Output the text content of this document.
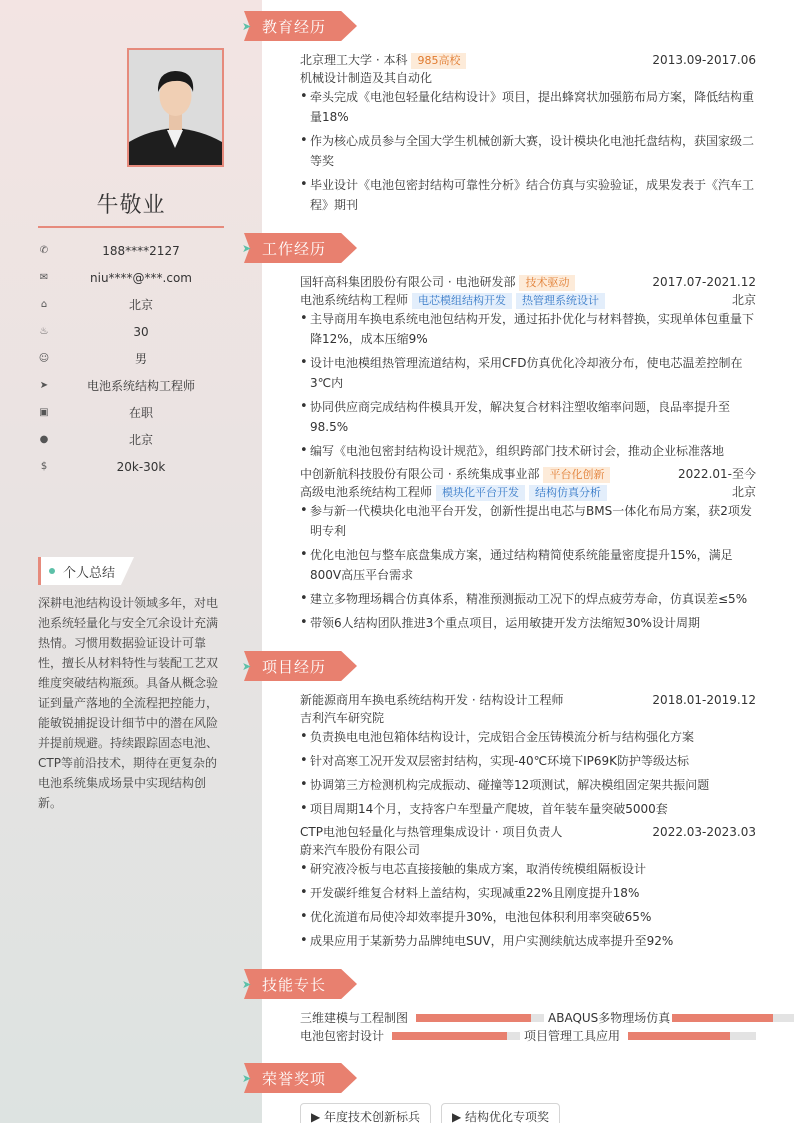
牛敬业
✆	188****2127
✉	niu****@***.com
⌂	北京
♨	30
☺	男
➤	电池系统结构工程师
▣	在职
●	北京
$	20k-30k
个人总结
深耕电池结构设计领域多年，对电池系统轻量化与安全冗余设计充满热情。习惯用数据验证设计可靠性，擅长从材料特性与装配工艺双维度突破结构瓶颈。具备从概念验证到量产落地的全流程把控能力，能敏锐捕捉设计细节中的潜在风险并提前规避。持续跟踪固态电池、CTP等前沿技术，期待在更复杂的电池系统集成场景中实现结构创新。
➤ 教育经历
北京理工大学 · 本科 985高校	2013.09-2017.06
机械设计制造及其自动化
• 牵头完成《电池包轻量化结构设计》项目，提出蜂窝状加强筋布局方案，降低结构重量18%
• 作为核心成员参与全国大学生机械创新大赛，设计模块化电池托盘结构，获国家级二等奖
• 毕业设计《电池包密封结构可靠性分析》结合仿真与实验验证，成果发表于《汽车工程》期刊
➤ 工作经历
国轩高科集团股份有限公司 · 电池研发部 技术驱动	2017.07-2021.12
电池系统结构工程师 电芯模组结构开发 热管理系统设计	北京
• 主导商用车换电系统电池包结构开发，通过拓扑优化与材料替换，实现单体包重量下降12%，成本压缩9%
• 设计电池模组热管理流道结构，采用CFD仿真优化冷却液分布，使电芯温差控制在3℃内
• 协同供应商完成结构件模具开发，解决复合材料注塑收缩率问题，良品率提升至98.5%
• 编写《电池包密封结构设计规范》，组织跨部门技术研讨会，推动企业标准落地
中创新航科技股份有限公司 · 系统集成事业部 平台化创新	2022.01-至今
高级电池系统结构工程师 模块化平台开发 结构仿真分析	北京
• 参与新一代模块化电池平台开发，创新性提出电芯与BMS一体化布局方案，获2项发明专利
• 优化电池包与整车底盘集成方案，通过结构精简使系统能量密度提升15%，满足800V高压平台需求
• 建立多物理场耦合仿真体系，精准预测振动工况下的焊点疲劳寿命，仿真误差≤5%
• 带领6人结构团队推进3个重点项目，运用敏捷开发方法缩短30%设计周期
➤ 项目经历
新能源商用车换电系统结构开发 · 结构设计工程师	2018.01-2019.12
吉利汽车研究院
• 负责换电电池包箱体结构设计，完成铝合金压铸模流分析与结构强化方案
• 针对高寒工况开发双层密封结构，实现-40℃环境下IP69K防护等级达标
• 协调第三方检测机构完成振动、碰撞等12项测试，解决模组固定架共振问题
• 项目周期14个月，支持客户车型量产爬坡，首年装车量突破5000套
CTP电池包轻量化与热管理集成设计 · 项目负责人	2022.03-2023.03
蔚来汽车股份有限公司
• 研究液冷板与电芯直接接触的集成方案，取消传统模组隔板设计
• 开发碳纤维复合材料上盖结构，实现减重22%且刚度提升18%
• 优化流道布局使冷却效率提升30%，电池包体积利用率突破65%
• 成果应用于某新势力品牌纯电SUV，用户实测续航达成率提升至92%
➤ 技能专长
三维建模与工程制图	ABAQUS多物理场仿真
电池包密封设计	项目管理工具应用
➤ 荣誉奖项
▶ 年度技术创新标兵	▶ 结构优化专项奖
